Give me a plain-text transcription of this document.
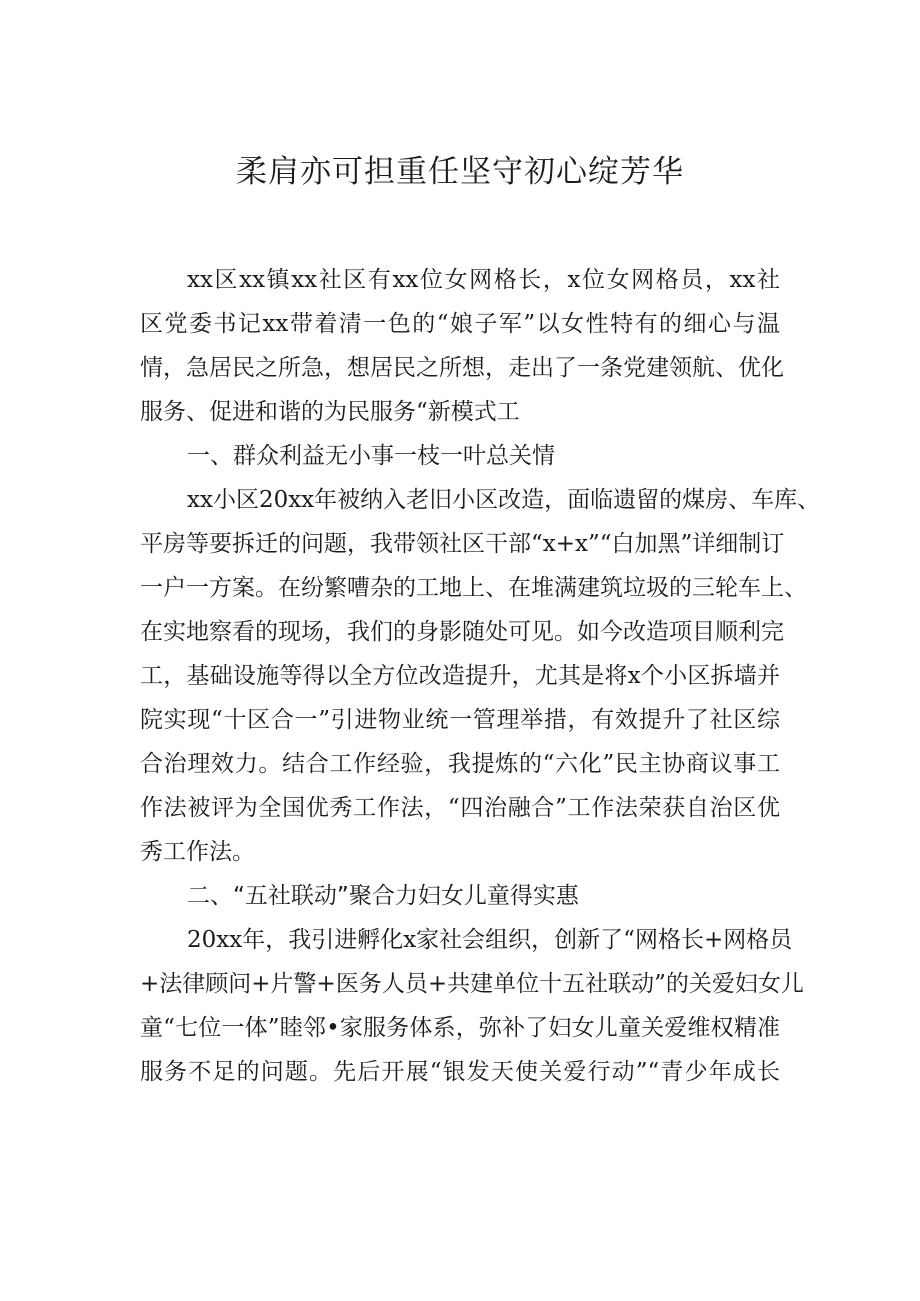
柔肩亦可担重任坚守初心绽芳华
xx区xx镇xx社区有xx位女网格长，x位女网格员，xx社
区党委书记xx带着清一色的“娘子军”以女性特有的细心与温
情，急居民之所急，想居民之所想，走出了一条党建领航、优化
服务、促进和谐的为民服务“新模式工
一、群众利益无小事一枝一叶总关情
xx小区20xx年被纳入老旧小区改造，面临遗留的煤房、车库、
平房等要拆迁的问题，我带领社区干部“x+x”“白加黑”详细制订
一户一方案。在纷繁嘈杂的工地上、在堆满建筑垃圾的三轮车上、
在实地察看的现场，我们的身影随处可见。如今改造项目顺利完
工，基础设施等得以全方位改造提升，尤其是将x个小区拆墙并
院实现“十区合一”引进物业统一管理举措，有效提升了社区综
合治理效力。结合工作经验，我提炼的“六化”民主协商议事工
作法被评为全国优秀工作法，“四治融合”工作法荣获自治区优
秀工作法。
二、“五社联动”聚合力妇女儿童得实惠
20xx年，我引进孵化x家社会组织，创新了“网格长+网格员
+法律顾问+片警+医务人员+共建单位十五社联动”的关爱妇女儿
童“七位一体”睦邻•家服务体系，弥补了妇女儿童关爱维权精准
服务不足的问题。先后开展“银发天使关爱行动”“青少年成长
